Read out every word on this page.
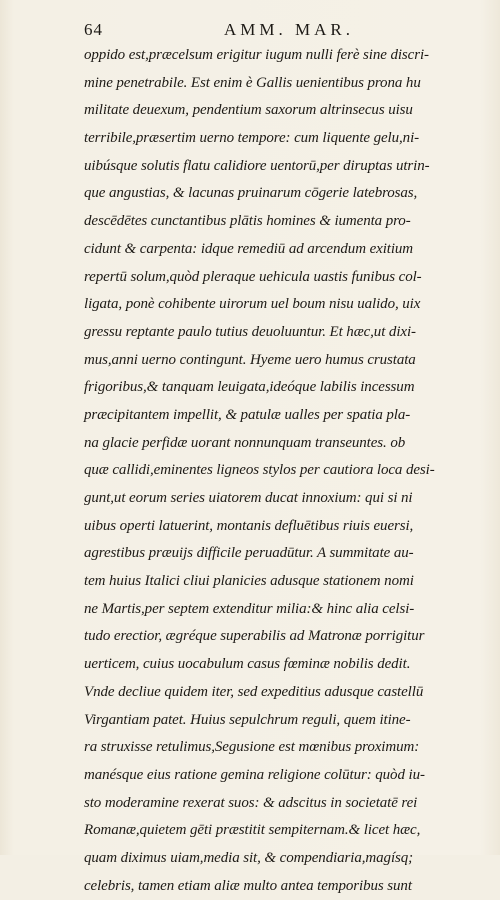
64	AMM. MAR.
oppido est,præcelsum erigitur iugum nulli ferè sine discri-
mine penetrabile. Est enim è Gallis uenientibus prona hu
militate deuexum, pendentium saxorum altrinsecus uisu
terribile,præsertim uerno tempore: cum liquente gelu,ni-
uibúsque solutis flatu calidiore uentorū,per diruptas utrin-
que angustias, & lacunas pruinarum cōgerie latebrosas,
descēdētes cunctantibus plātis homines & iumenta pro-
cidunt & carpenta: idque remediū ad arcendum exitium
repertū solum,quòd pleraque uehicula uastis funibus col-
ligata, ponè cohibente uirorum uel boum nisu ualido, uix
gressu reptante paulo tutius deuoluuntur. Et hæc,ut dixi-
mus,anni uerno contingunt. Hyeme uero humus crustata
frigoribus,& tanquam leuigata,ideóque labilis incessum
præcipitantem impellit, & patulæ ualles per spatia pla-
na glacie perfidæ uorant nonnunquam transeuntes. ob
quæ callidi,eminentes ligneos stylos per cautiora loca desi-
gunt,ut eorum series uiatorem ducat innoxium: qui si ni
uibus operti latuerint, montanis defluētibus riuis euersi,
agrestibus præuijs difficile peruadūtur. A summitate au-
tem huius Italici cliui planicies adusque stationem nomi
ne Martis,per septem extenditur milia:& hinc alia celsi-
tudo erectior, ægréque superabilis ad Matronæ porrigitur
uerticem, cuius uocabulum casus fœminæ nobilis dedit.
Vnde decliue quidem iter, sed expeditius adusque castellū
Virgantiam patet. Huius sepulchrum reguli, quem itine-
ra struxisse retulimus,Segusione est mœnibus proximum:
manésque eius ratione gemina religione colūtur: quòd iu-
sto moderamine rexerat suos: & adscitus in societatē rei
Romanæ,quietem gēti præstitit sempiternam.& licet hæc,
quam diximus uiam,media sit, & compendiaria,magísq;
celebris, tamen etiam aliæ multo antea temporibus sunt
